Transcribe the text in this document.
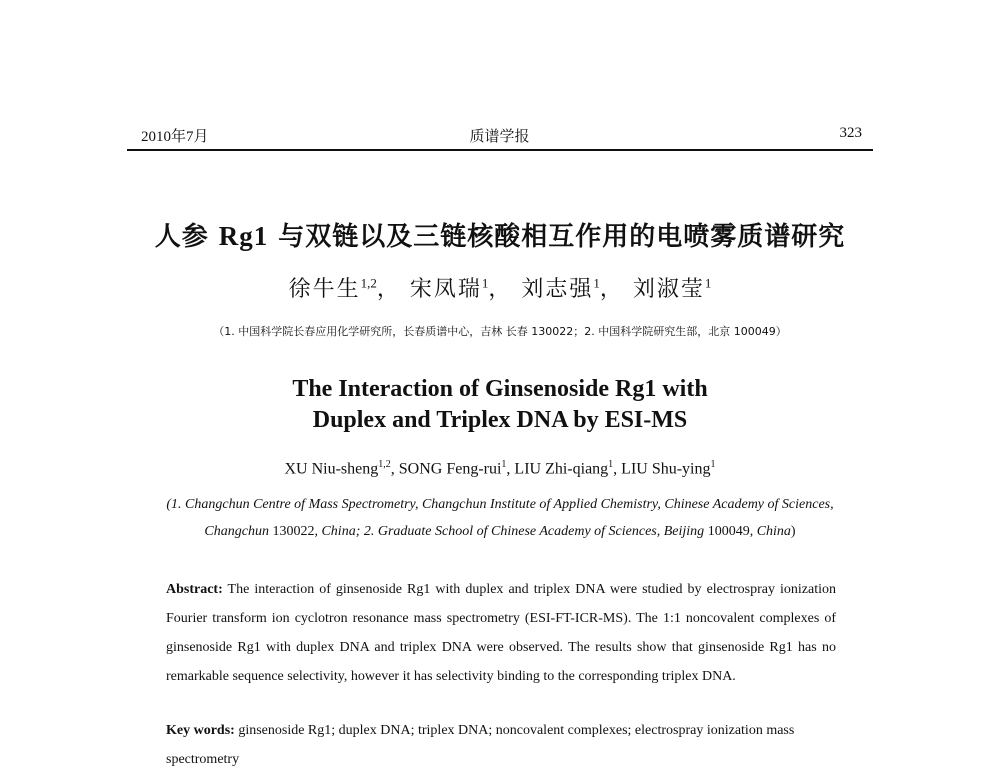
2010年7月	质谱学报	323
人参 Rg1 与双链以及三链核酸相互作用的电喷雾质谱研究
徐牛生$^{1,2}$， 宋凤瑞$^1$， 刘志强$^1$， 刘淑莹$^1$
（1. 中国科学院长春应用化学研究所，长春质谱中心，吉林 长春 130022；2. 中国科学院研究生部，北京 100049）
The Interaction of Ginsenoside Rg1 with
Duplex and Triplex DNA by ESI-MS
XU Niu-sheng$^{1,2}$, SONG Feng-rui$^1$, LIU Zhi-qiang$^1$, LIU Shu-ying$^1$
(1. Changchun Centre of Mass Spectrometry, Changchun Institute of Applied Chemistry, Chinese Academy of Sciences,
Changchun 130022, China; 2. Graduate School of Chinese Academy of Sciences, Beijing 100049, China)
Abstract: The interaction of ginsenoside Rg1 with duplex and triplex DNA were studied by electrospray ionization Fourier transform ion cyclotron resonance mass spectrometry (ESI-FT-ICR-MS). The 1:1 noncovalent complexes of ginsenoside Rg1 with duplex DNA and triplex DNA were observed. The results show that ginsenoside Rg1 has no remarkable sequence selectivity, however it has selectivity binding to the corresponding triplex DNA.
Key words: ginsenoside Rg1; duplex DNA; triplex DNA; noncovalent complexes; electrospray ionization mass spectrometry
